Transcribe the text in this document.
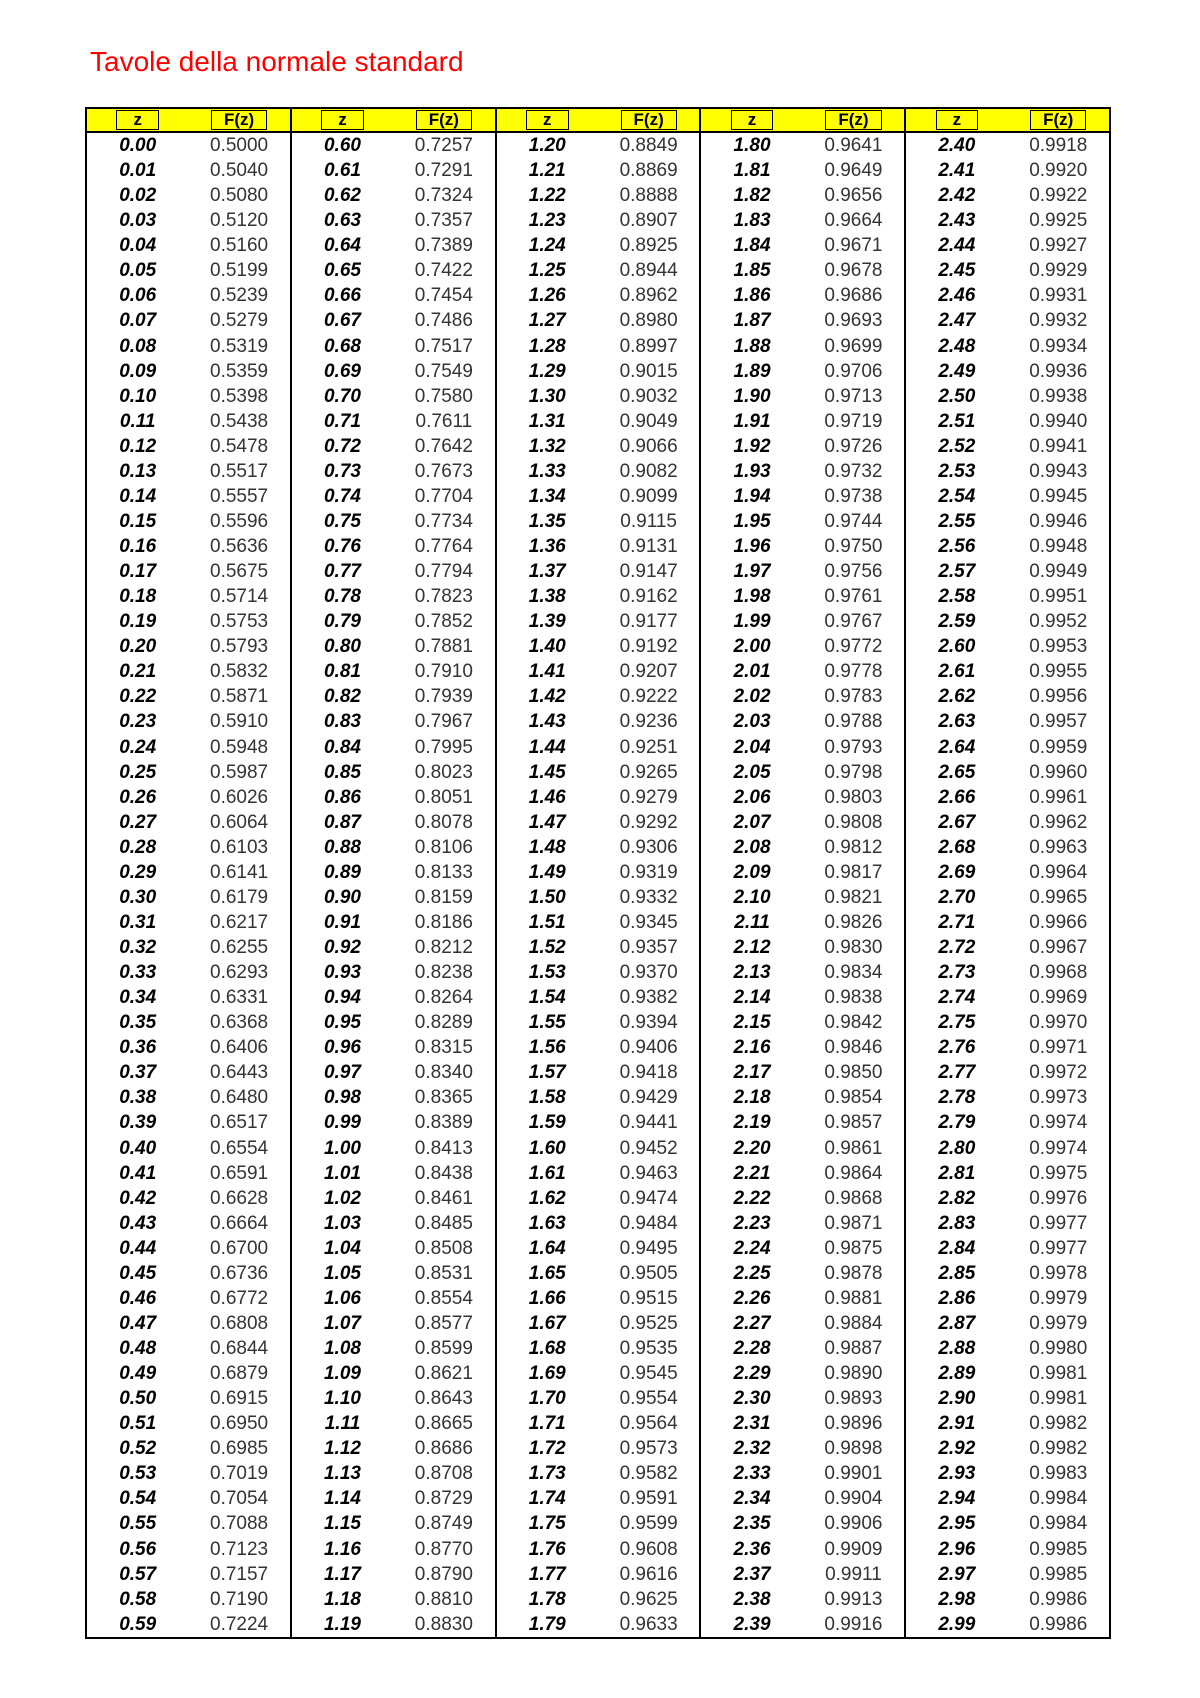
Tavole della normale standard
z	F(z)	z	F(z)	z	F(z)	z	F(z)	z	F(z)
0.00	0.5000	0.60	0.7257	1.20	0.8849	1.80	0.9641	2.40	0.9918
0.01	0.5040	0.61	0.7291	1.21	0.8869	1.81	0.9649	2.41	0.9920
0.02	0.5080	0.62	0.7324	1.22	0.8888	1.82	0.9656	2.42	0.9922
0.03	0.5120	0.63	0.7357	1.23	0.8907	1.83	0.9664	2.43	0.9925
0.04	0.5160	0.64	0.7389	1.24	0.8925	1.84	0.9671	2.44	0.9927
0.05	0.5199	0.65	0.7422	1.25	0.8944	1.85	0.9678	2.45	0.9929
0.06	0.5239	0.66	0.7454	1.26	0.8962	1.86	0.9686	2.46	0.9931
0.07	0.5279	0.67	0.7486	1.27	0.8980	1.87	0.9693	2.47	0.9932
0.08	0.5319	0.68	0.7517	1.28	0.8997	1.88	0.9699	2.48	0.9934
0.09	0.5359	0.69	0.7549	1.29	0.9015	1.89	0.9706	2.49	0.9936
0.10	0.5398	0.70	0.7580	1.30	0.9032	1.90	0.9713	2.50	0.9938
0.11	0.5438	0.71	0.7611	1.31	0.9049	1.91	0.9719	2.51	0.9940
0.12	0.5478	0.72	0.7642	1.32	0.9066	1.92	0.9726	2.52	0.9941
0.13	0.5517	0.73	0.7673	1.33	0.9082	1.93	0.9732	2.53	0.9943
0.14	0.5557	0.74	0.7704	1.34	0.9099	1.94	0.9738	2.54	0.9945
0.15	0.5596	0.75	0.7734	1.35	0.9115	1.95	0.9744	2.55	0.9946
0.16	0.5636	0.76	0.7764	1.36	0.9131	1.96	0.9750	2.56	0.9948
0.17	0.5675	0.77	0.7794	1.37	0.9147	1.97	0.9756	2.57	0.9949
0.18	0.5714	0.78	0.7823	1.38	0.9162	1.98	0.9761	2.58	0.9951
0.19	0.5753	0.79	0.7852	1.39	0.9177	1.99	0.9767	2.59	0.9952
0.20	0.5793	0.80	0.7881	1.40	0.9192	2.00	0.9772	2.60	0.9953
0.21	0.5832	0.81	0.7910	1.41	0.9207	2.01	0.9778	2.61	0.9955
0.22	0.5871	0.82	0.7939	1.42	0.9222	2.02	0.9783	2.62	0.9956
0.23	0.5910	0.83	0.7967	1.43	0.9236	2.03	0.9788	2.63	0.9957
0.24	0.5948	0.84	0.7995	1.44	0.9251	2.04	0.9793	2.64	0.9959
0.25	0.5987	0.85	0.8023	1.45	0.9265	2.05	0.9798	2.65	0.9960
0.26	0.6026	0.86	0.8051	1.46	0.9279	2.06	0.9803	2.66	0.9961
0.27	0.6064	0.87	0.8078	1.47	0.9292	2.07	0.9808	2.67	0.9962
0.28	0.6103	0.88	0.8106	1.48	0.9306	2.08	0.9812	2.68	0.9963
0.29	0.6141	0.89	0.8133	1.49	0.9319	2.09	0.9817	2.69	0.9964
0.30	0.6179	0.90	0.8159	1.50	0.9332	2.10	0.9821	2.70	0.9965
0.31	0.6217	0.91	0.8186	1.51	0.9345	2.11	0.9826	2.71	0.9966
0.32	0.6255	0.92	0.8212	1.52	0.9357	2.12	0.9830	2.72	0.9967
0.33	0.6293	0.93	0.8238	1.53	0.9370	2.13	0.9834	2.73	0.9968
0.34	0.6331	0.94	0.8264	1.54	0.9382	2.14	0.9838	2.74	0.9969
0.35	0.6368	0.95	0.8289	1.55	0.9394	2.15	0.9842	2.75	0.9970
0.36	0.6406	0.96	0.8315	1.56	0.9406	2.16	0.9846	2.76	0.9971
0.37	0.6443	0.97	0.8340	1.57	0.9418	2.17	0.9850	2.77	0.9972
0.38	0.6480	0.98	0.8365	1.58	0.9429	2.18	0.9854	2.78	0.9973
0.39	0.6517	0.99	0.8389	1.59	0.9441	2.19	0.9857	2.79	0.9974
0.40	0.6554	1.00	0.8413	1.60	0.9452	2.20	0.9861	2.80	0.9974
0.41	0.6591	1.01	0.8438	1.61	0.9463	2.21	0.9864	2.81	0.9975
0.42	0.6628	1.02	0.8461	1.62	0.9474	2.22	0.9868	2.82	0.9976
0.43	0.6664	1.03	0.8485	1.63	0.9484	2.23	0.9871	2.83	0.9977
0.44	0.6700	1.04	0.8508	1.64	0.9495	2.24	0.9875	2.84	0.9977
0.45	0.6736	1.05	0.8531	1.65	0.9505	2.25	0.9878	2.85	0.9978
0.46	0.6772	1.06	0.8554	1.66	0.9515	2.26	0.9881	2.86	0.9979
0.47	0.6808	1.07	0.8577	1.67	0.9525	2.27	0.9884	2.87	0.9979
0.48	0.6844	1.08	0.8599	1.68	0.9535	2.28	0.9887	2.88	0.9980
0.49	0.6879	1.09	0.8621	1.69	0.9545	2.29	0.9890	2.89	0.9981
0.50	0.6915	1.10	0.8643	1.70	0.9554	2.30	0.9893	2.90	0.9981
0.51	0.6950	1.11	0.8665	1.71	0.9564	2.31	0.9896	2.91	0.9982
0.52	0.6985	1.12	0.8686	1.72	0.9573	2.32	0.9898	2.92	0.9982
0.53	0.7019	1.13	0.8708	1.73	0.9582	2.33	0.9901	2.93	0.9983
0.54	0.7054	1.14	0.8729	1.74	0.9591	2.34	0.9904	2.94	0.9984
0.55	0.7088	1.15	0.8749	1.75	0.9599	2.35	0.9906	2.95	0.9984
0.56	0.7123	1.16	0.8770	1.76	0.9608	2.36	0.9909	2.96	0.9985
0.57	0.7157	1.17	0.8790	1.77	0.9616	2.37	0.9911	2.97	0.9985
0.58	0.7190	1.18	0.8810	1.78	0.9625	2.38	0.9913	2.98	0.9986
0.59	0.7224	1.19	0.8830	1.79	0.9633	2.39	0.9916	2.99	0.9986
